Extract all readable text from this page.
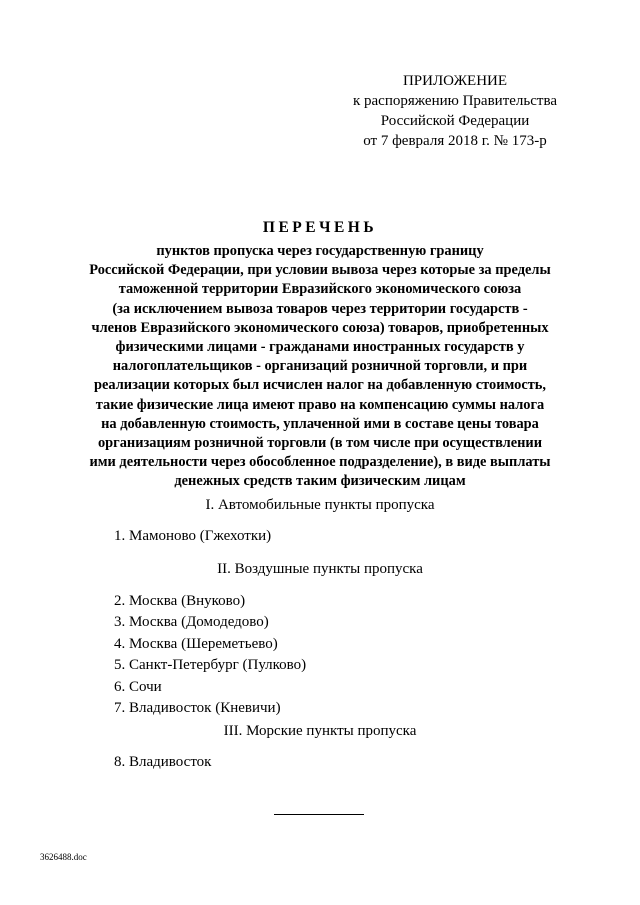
ПРИЛОЖЕНИЕ
к распоряжению Правительства
Российской Федерации
от 7 февраля 2018 г. № 173-р
ПЕРЕЧЕНЬ
пунктов пропуска через государственную границу
Российской Федерации, при условии вывоза через которые за пределы
таможенной территории Евразийского экономического союза
(за исключением вывоза товаров через территории государств -
членов Евразийского экономического союза) товаров, приобретенных
физическими лицами - гражданами иностранных государств у
налогоплательщиков - организаций розничной торговли, и при
реализации которых был исчислен налог на добавленную стоимость,
такие физические лица имеют право на компенсацию суммы налога
на добавленную стоимость, уплаченной ими в составе цены товара
организациям розничной торговли (в том числе при осуществлении
ими деятельности через обособленное подразделение), в виде выплаты
денежных средств таким физическим лицам
I. Автомобильные пункты пропуска
1. Мамоново (Гжехотки)
II. Воздушные пункты пропуска
2. Москва (Внуково)
3. Москва (Домодедово)
4. Москва (Шереметьево)
5. Санкт-Петербург (Пулково)
6. Сочи
7. Владивосток (Кневичи)
III. Морские пункты пропуска
8. Владивосток
3626488.doc
